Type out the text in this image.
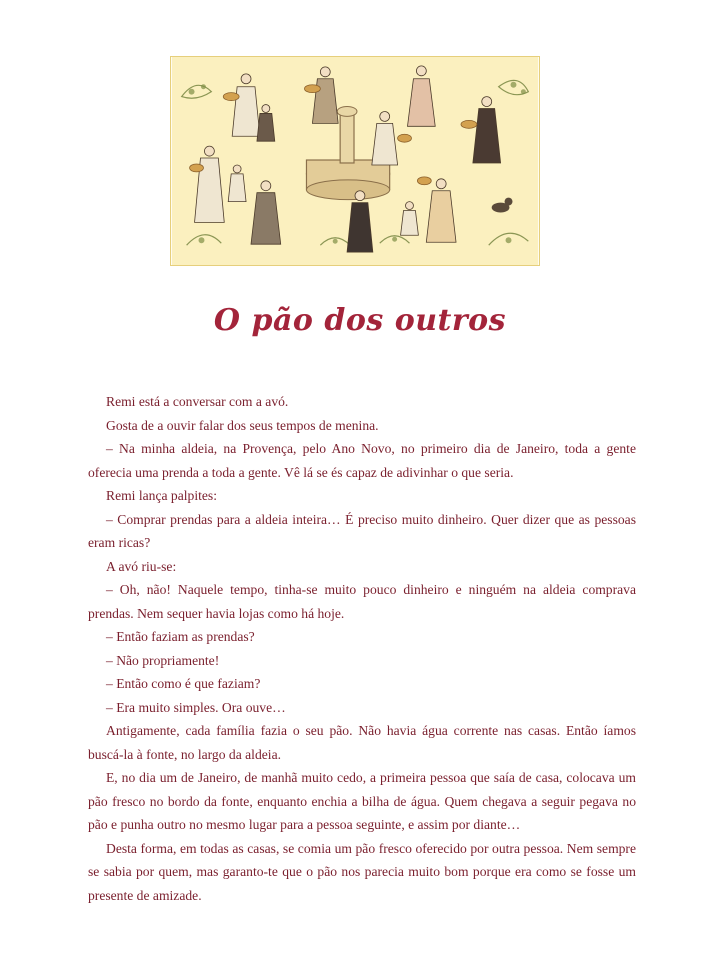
O pão dos outros

Remi está a conversar com a avó.

Gosta de a ouvir falar dos seus tempos de menina.

– Na minha aldeia, na Provença, pelo Ano Novo, no primeiro dia de Janeiro, toda a gente oferecia uma prenda a toda a gente. Vê lá se és capaz de adivinhar o que seria.

Remi lança palpites:

– Comprar prendas para a aldeia inteira… É preciso muito dinheiro. Quer dizer que as pessoas eram ricas?

A avó riu-se:

– Oh, não! Naquele tempo, tinha-se muito pouco dinheiro e ninguém na aldeia comprava prendas. Nem sequer havia lojas como há hoje.

– Então faziam as prendas?

– Não propriamente!

– Então como é que faziam?

– Era muito simples. Ora ouve…

Antigamente, cada família fazia o seu pão. Não havia água corrente nas casas. Então íamos buscá-la à fonte, no largo da aldeia.

E, no dia um de Janeiro, de manhã muito cedo, a primeira pessoa que saía de casa, colocava um pão fresco no bordo da fonte, enquanto enchia a bilha de água. Quem chegava a seguir pegava no pão e punha outro no mesmo lugar para a pessoa seguinte, e assim por diante…

Desta forma, em todas as casas, se comia um pão fresco oferecido por outra pessoa. Nem sempre se sabia por quem, mas garanto-te que o pão nos parecia muito bom porque era como se fosse um presente de amizade.
